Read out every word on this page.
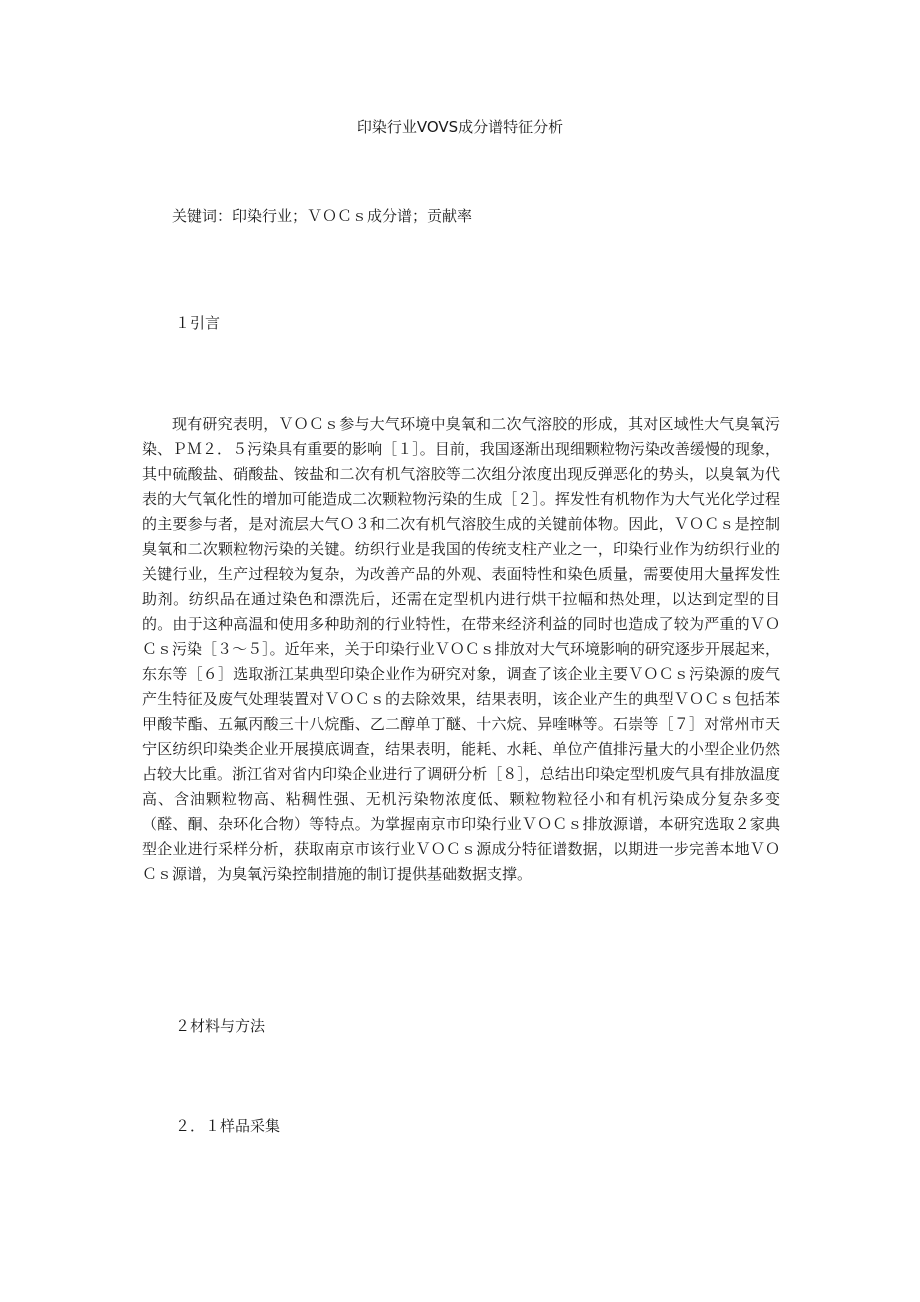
印染行业VOVS成分谱特征分析

关键词：印染行业；ＶＯＣｓ成分谱；贡献率

１引言

现有研究表明，ＶＯＣｓ参与大气环境中臭氧和二次气溶胶的形成，其对区域性大气臭氧污染、ＰＭ２．５污染具有重要的影响［１］。目前，我国逐渐出现细颗粒物污染改善缓慢的现象，其中硫酸盐、硝酸盐、铵盐和二次有机气溶胶等二次组分浓度出现反弹恶化的势头，以臭氧为代表的大气氧化性的增加可能造成二次颗粒物污染的生成［２］。挥发性有机物作为大气光化学过程的主要参与者，是对流层大气Ｏ３和二次有机气溶胶生成的关键前体物。因此，ＶＯＣｓ是控制臭氧和二次颗粒物污染的关键。纺织行业是我国的传统支柱产业之一，印染行业作为纺织行业的关键行业，生产过程较为复杂，为改善产品的外观、表面特性和染色质量，需要使用大量挥发性助剂。纺织品在通过染色和漂洗后，还需在定型机内进行烘干拉幅和热处理，以达到定型的目的。由于这种高温和使用多种助剂的行业特性，在带来经济利益的同时也造成了较为严重的ＶＯＣｓ污染［３～５］。近年来，关于印染行业ＶＯＣｓ排放对大气环境影响的研究逐步开展起来，东东等［６］选取浙江某典型印染企业作为研究对象，调查了该企业主要ＶＯＣｓ污染源的废气产生特征及废气处理装置对ＶＯＣｓ的去除效果，结果表明，该企业产生的典型ＶＯＣｓ包括苯甲酸苄酯、五氟丙酸三十八烷酯、乙二醇单丁醚、十六烷、异喹啉等。石崇等［７］对常州市天宁区纺织印染类企业开展摸底调查，结果表明，能耗、水耗、单位产值排污量大的小型企业仍然占较大比重。浙江省对省内印染企业进行了调研分析［８］，总结出印染定型机废气具有排放温度高、含油颗粒物高、粘稠性强、无机污染物浓度低、颗粒物粒径小和有机污染成分复杂多变（醛、酮、杂环化合物）等特点。为掌握南京市印染行业ＶＯＣｓ排放源谱，本研究选取２家典型企业进行采样分析，获取南京市该行业ＶＯＣｓ源成分特征谱数据，以期进一步完善本地ＶＯＣｓ源谱，为臭氧污染控制措施的制订提供基础数据支撑。

２材料与方法
２．１样品采集
